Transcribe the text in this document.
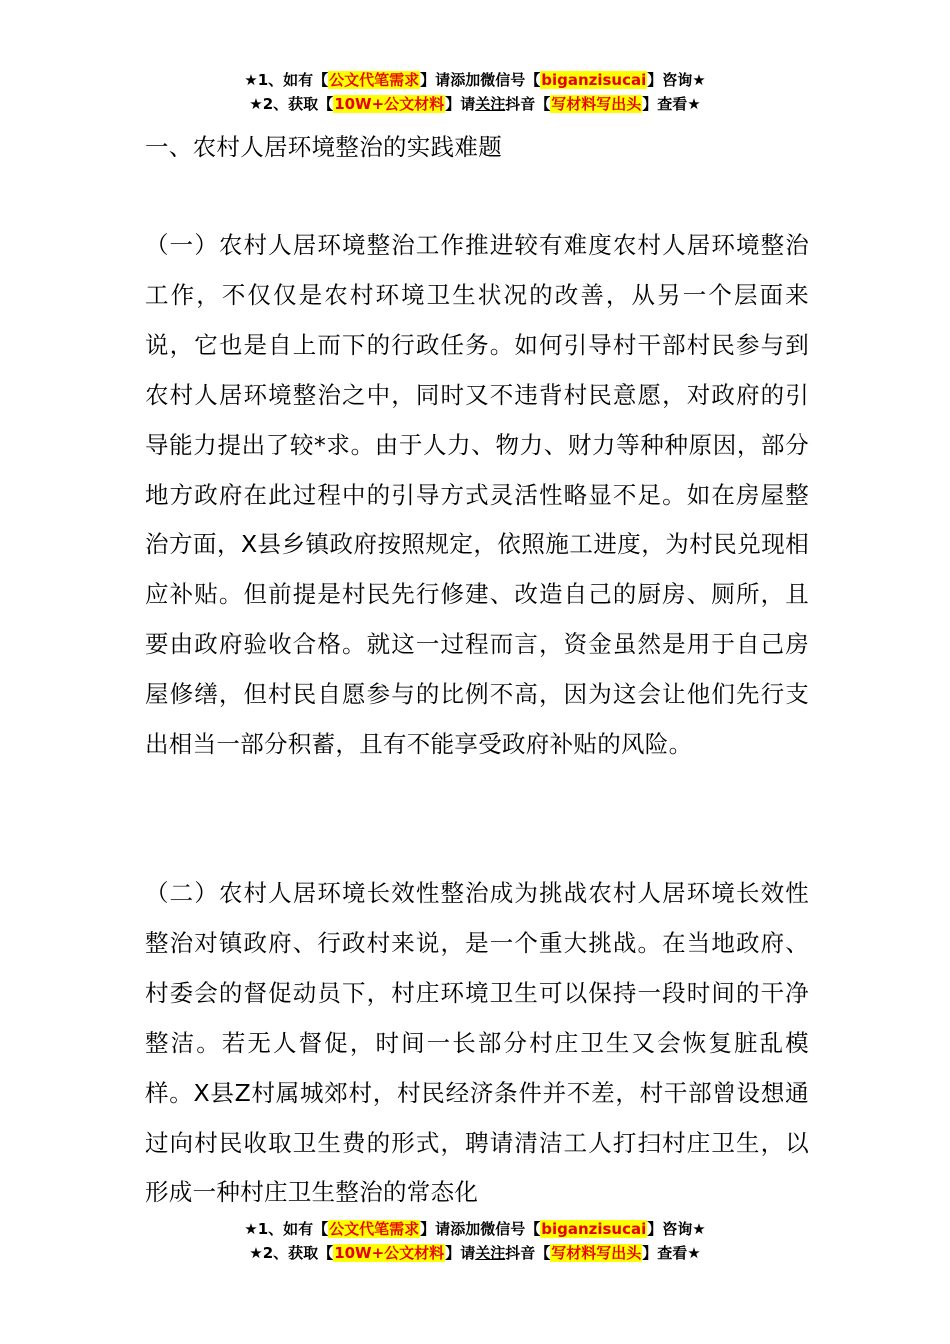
★1、如有【公文代笔需求】请添加微信号【biganzisucai】咨询★
★2、获取【10W+公文材料】请关注抖音【写材料写出头】查看★
一、农村人居环境整治的实践难题
（一）农村人居环境整治工作推进较有难度农村人居环境整治工作，不仅仅是农村环境卫生状况的改善，从另一个层面来说，它也是自上而下的行政任务。如何引导村干部村民参与到农村人居环境整治之中，同时又不违背村民意愿，对政府的引导能力提出了较*求。由于人力、物力、财力等种种原因，部分地方政府在此过程中的引导方式灵活性略显不足。如在房屋整治方面，X县乡镇政府按照规定，依照施工进度，为村民兑现相应补贴。但前提是村民先行修建、改造自己的厨房、厕所，且要由政府验收合格。就这一过程而言，资金虽然是用于自己房屋修缮，但村民自愿参与的比例不高，因为这会让他们先行支出相当一部分积蓄，且有不能享受政府补贴的风险。
（二）农村人居环境长效性整治成为挑战农村人居环境长效性整治对镇政府、行政村来说，是一个重大挑战。在当地政府、村委会的督促动员下，村庄环境卫生可以保持一段时间的干净整洁。若无人督促，时间一长部分村庄卫生又会恢复脏乱模样。X县Z村属城郊村，村民经济条件并不差，村干部曾设想通过向村民收取卫生费的形式，聘请清洁工人打扫村庄卫生，以形成一种村庄卫生整治的常态化
★1、如有【公文代笔需求】请添加微信号【biganzisucai】咨询★
★2、获取【10W+公文材料】请关注抖音【写材料写出头】查看★
